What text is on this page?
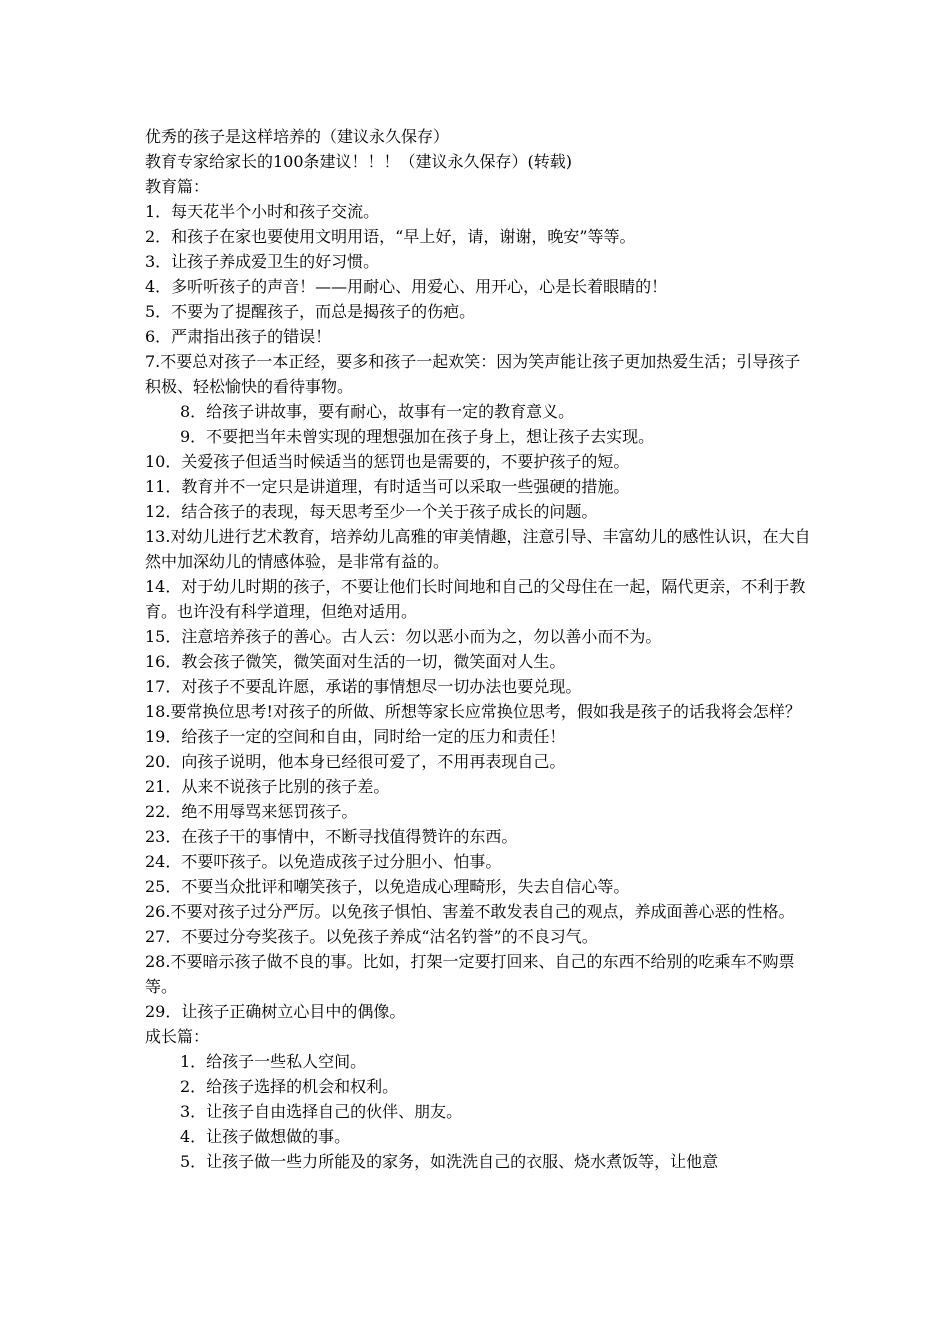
优秀的孩子是这样培养的（建议永久保存）
教育专家给家长的100条建议！！！（建议永久保存）(转载)
教育篇：
1．每天花半个小时和孩子交流。
2．和孩子在家也要使用文明用语，“早上好，请，谢谢，晚安”等等。
3．让孩子养成爱卫生的好习惯。
4．多听听孩子的声音！——用耐心、用爱心、用开心，心是长着眼睛的！
5．不要为了提醒孩子，而总是揭孩子的伤疤。
6．严肃指出孩子的错误！
7.不要总对孩子一本正经，要多和孩子一起欢笑：因为笑声能让孩子更加热爱生活；引导孩子积极、轻松愉快的看待事物。
8．给孩子讲故事，要有耐心，故事有一定的教育意义。
9．不要把当年未曾实现的理想强加在孩子身上，想让孩子去实现。
10．关爱孩子但适当时候适当的惩罚也是需要的，不要护孩子的短。
11．教育并不一定只是讲道理，有时适当可以采取一些强硬的措施。
12．结合孩子的表现，每天思考至少一个关于孩子成长的问题。
13.对幼儿进行艺术教育，培养幼儿高雅的审美情趣，注意引导、丰富幼儿的感性认识，在大自然中加深幼儿的情感体验，是非常有益的。
14．对于幼儿时期的孩子，不要让他们长时间地和自己的父母住在一起，隔代更亲，不利于教育。也许没有科学道理，但绝对适用。
15．注意培养孩子的善心。古人云：勿以恶小而为之，勿以善小而不为。
16．教会孩子微笑，微笑面对生活的一切，微笑面对人生。
17．对孩子不要乱许愿，承诺的事情想尽一切办法也要兑现。
18.要常换位思考!对孩子的所做、所想等家长应常换位思考，假如我是孩子的话我将会怎样？
19．给孩子一定的空间和自由，同时给一定的压力和责任！
20．向孩子说明，他本身已经很可爱了，不用再表现自己。
21．从来不说孩子比别的孩子差。
22．绝不用辱骂来惩罚孩子。
23．在孩子干的事情中，不断寻找值得赞许的东西。
24．不要吓孩子。以免造成孩子过分胆小、怕事。
25．不要当众批评和嘲笑孩子，以免造成心理畸形，失去自信心等。
26.不要对孩子过分严厉。以免孩子惧怕、害羞不敢发表自己的观点，养成面善心恶的性格。
27．不要过分夸奖孩子。以免孩子养成“沽名钓誉”的不良习气。
28.不要暗示孩子做不良的事。比如，打架一定要打回来、自己的东西不给别的吃乘车不购票等。
29．让孩子正确树立心目中的偶像。
成长篇：
1．给孩子一些私人空间。
2．给孩子选择的机会和权利。
3．让孩子自由选择自己的伙伴、朋友。
4．让孩子做想做的事。
5．让孩子做一些力所能及的家务，如洗洗自己的衣服、烧水煮饭等，让他意
